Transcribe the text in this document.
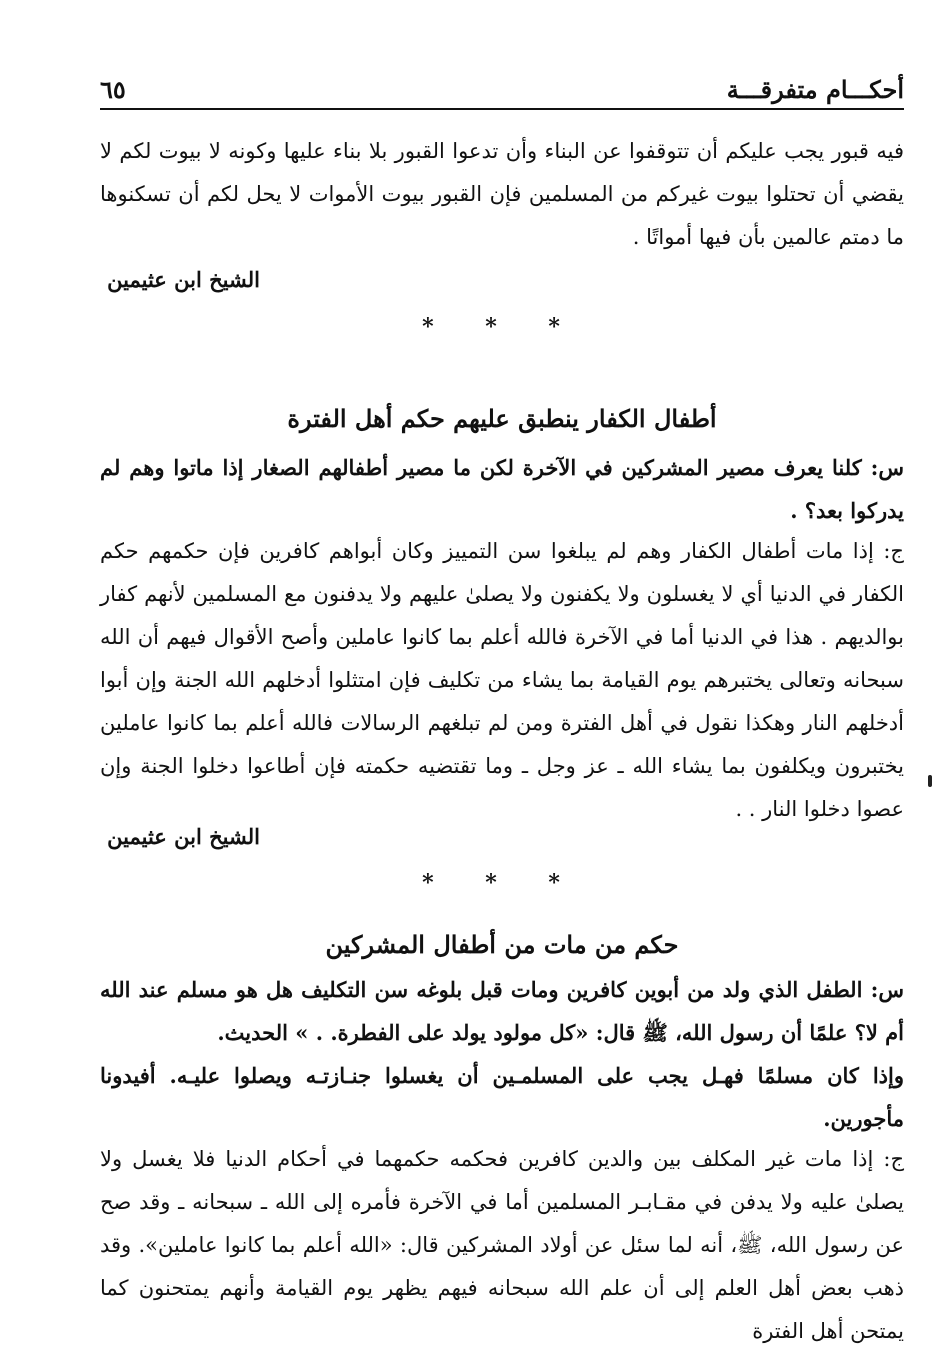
أحكـــام متفرقـــة
٦٥

فيه قبور يجب عليكم أن تتوقفوا عن البناء وأن تدعوا القبور بلا بناء عليها وكونه لا بيوت لكم لا يقضي أن تحتلوا بيوت غيركم من المسلمين فإن القبور بيوت الأموات لا يحل لكم أن تسكنوها ما دمتم عالمين بأن فيها أمواتًا .

الشيخ ابن عثيمين
* * *
أطفال الكفار ينطبق عليهم حكم أهل الفترة

س: كلنا يعرف مصير المشركين في الآخرة لكن ما مصير أطفالهم الصغار إذا ماتوا وهم لم يدركوا بعد؟ .

ج: إذا مات أطفال الكفار وهم لم يبلغوا سن التمييز وكان أبواهم كافرين فإن حكمهم حكم الكفار في الدنيا أي لا يغسلون ولا يكفنون ولا يصلىٰ عليهم ولا يدفنون مع المسلمين لأنهم كفار بوالديهم . هذا في الدنيا أما في الآخرة فالله أعلم بما كانوا عاملين وأصح الأقوال فيهم أن الله سبحانه وتعالى يختبرهم يوم القيامة بما يشاء من تكليف فإن امتثلوا أدخلهم الله الجنة وإن أبوا أدخلهم النار وهكذا نقول في أهل الفترة ومن لم تبلغهم الرسالات فالله أعلم بما كانوا عاملين يختبرون ويكلفون بما يشاء الله ـ عز وجل ـ وما تقتضيه حكمته فإن أطاعوا دخلوا الجنة وإن عصوا دخلوا النار . .

الشيخ ابن عثيمين
* * *
حكم من مات من أطفال المشركين

س: الطفل الذي ولد من أبوين كافرين ومات قبل بلوغه سن التكليف هل هو مسلم عند الله أم لا؟ علمًا أن رسول الله، ﷺ قال: «كل مولود يولد على الفطرة. . » الحديث.

وإذا كان مسلمًا فهـل يجب على المسلمـين أن يغسلوا جنـازتـه ويصلوا عليـه. أفيدونا مأجورين.

ج: إذا مات غير المكلف بين والدين كافرين فحكمه حكمهما في أحكام الدنيا فلا يغسل ولا يصلىٰ عليه ولا يدفن في مقـابـر المسلمين أما في الآخرة فأمره إلى الله ـ سبحانه ـ وقد صح عن رسول الله، ﷺ، أنه لما سئل عن أولاد المشركين قال: «الله أعلم بما كانوا عاملين». وقد ذهب بعض أهل العلم إلى أن علم الله سبحانه فيهم يظهر يوم القيامة وأنهم يمتحنون كما يمتحن أهل الفترة
